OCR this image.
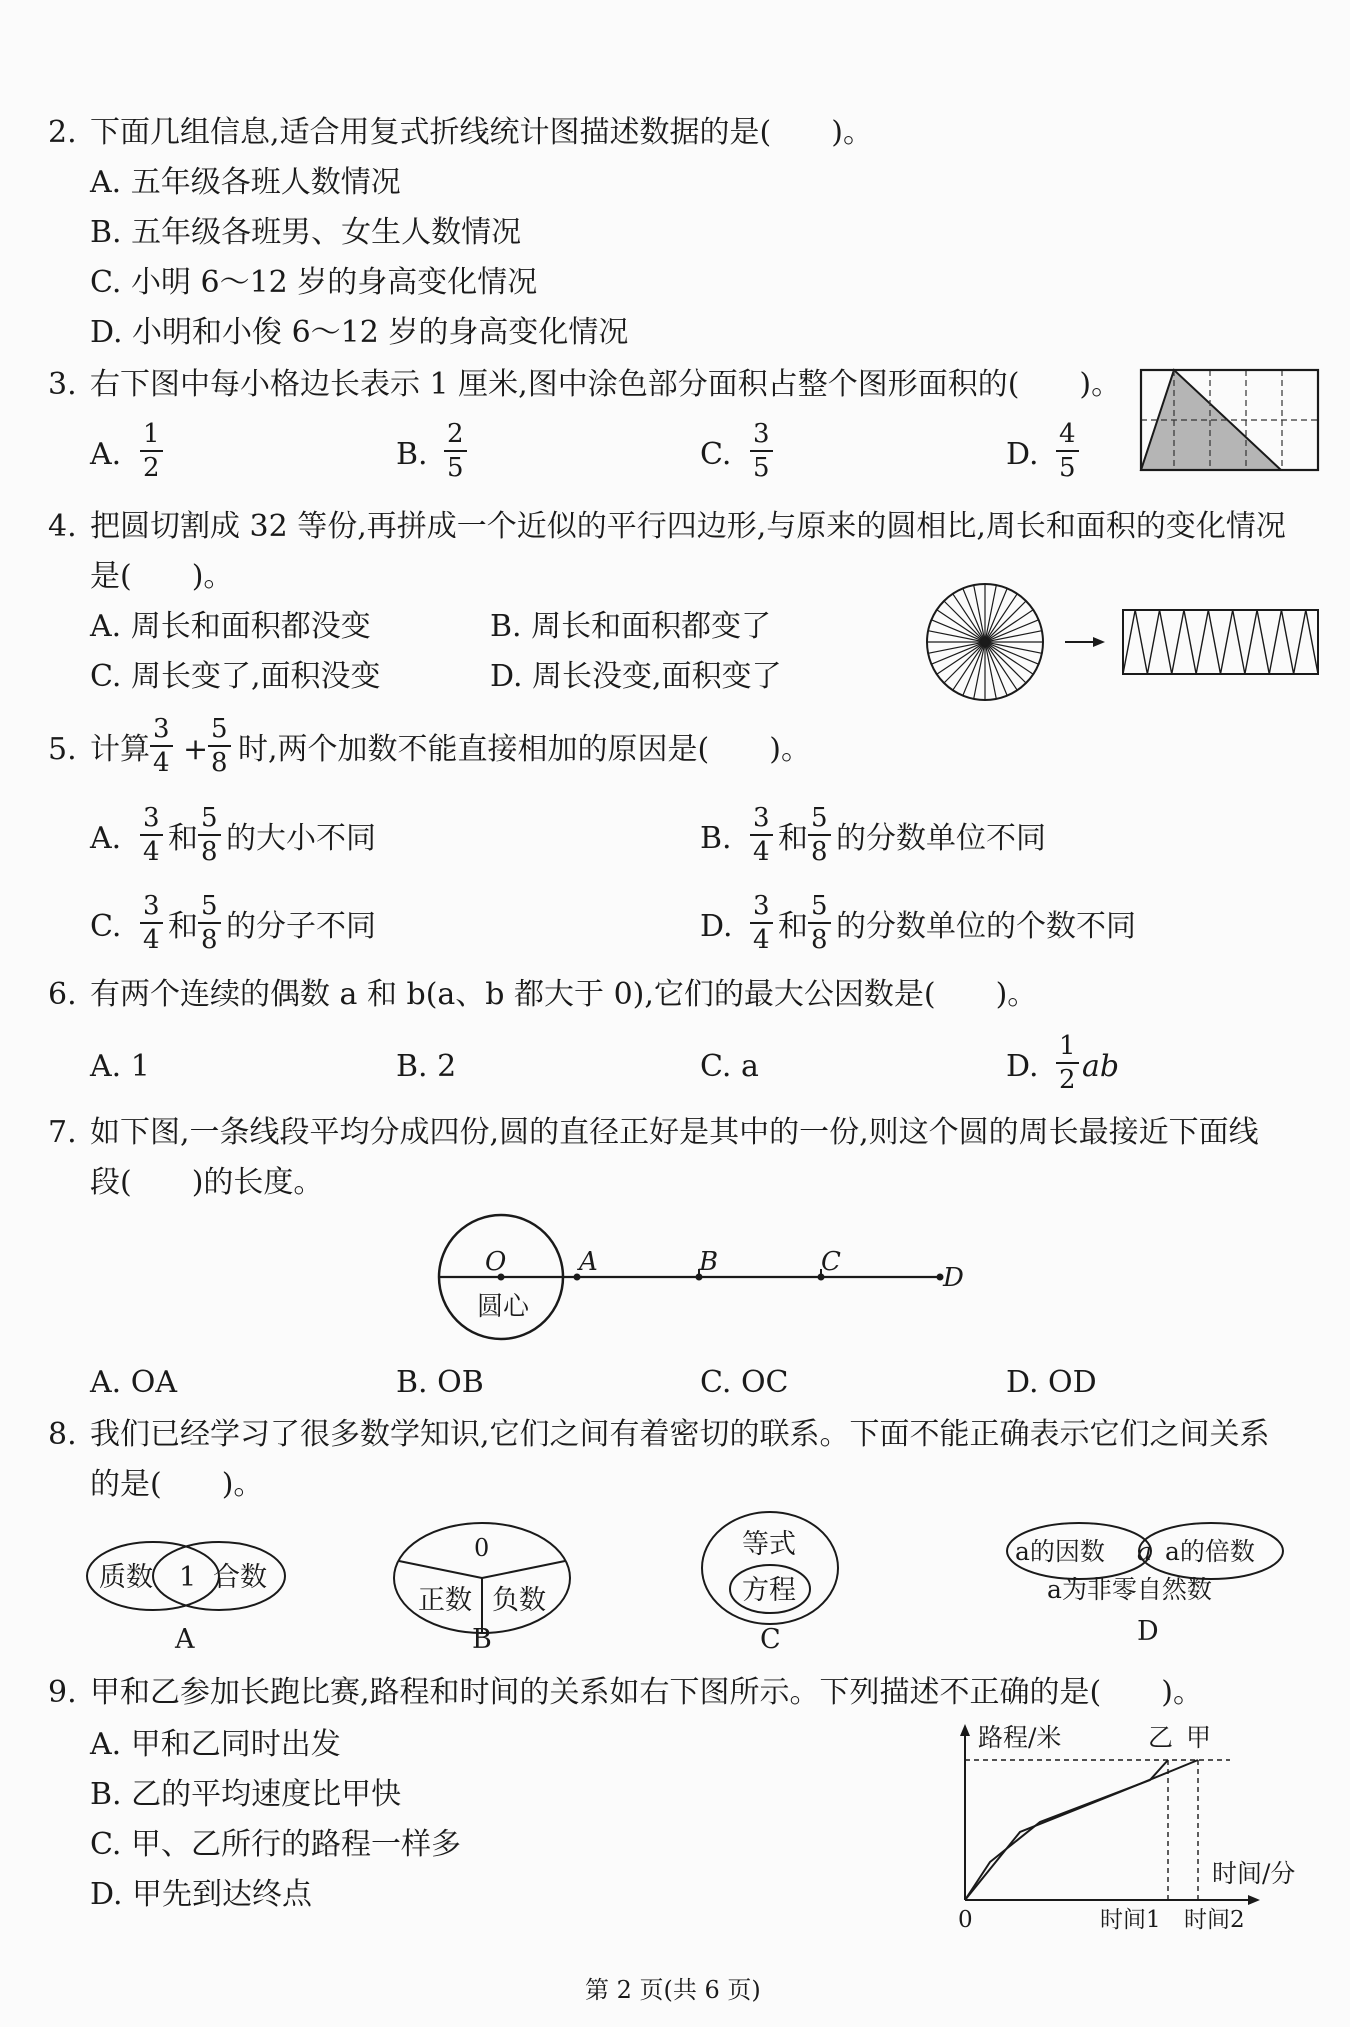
2. 下面几组信息,适合用复式折线统计图描述数据的是(　　)。
A. 五年级各班人数情况
B. 五年级各班男、女生人数情况
C. 小明 6～12 岁的身高变化情况
D. 小明和小俊 6～12 岁的身高变化情况
3. 右下图中每小格边长表示 1 厘米,图中涂色部分面积占整个图形面积的(　　)。
A. $\frac{1}{2}$	B. $\frac{2}{5}$	C. $\frac{3}{5}$	D. $\frac{4}{5}$
4. 把圆切割成 32 等份,再拼成一个近似的平行四边形,与原来的圆相比,周长和面积的变化情况
是(　　)。
A. 周长和面积都没变	B. 周长和面积都变了
C. 周长变了,面积没变	D. 周长没变,面积变了
5. 计算 $\frac{3}{4} + \frac{5}{8}$ 时,两个加数不能直接相加的原因是(　　)。
A. $\frac{3}{4}$ 和 $\frac{5}{8}$ 的大小不同	B. $\frac{3}{4}$ 和 $\frac{5}{8}$ 的分数单位不同
C. $\frac{3}{4}$ 和 $\frac{5}{8}$ 的分子不同	D. $\frac{3}{4}$ 和 $\frac{5}{8}$ 的分数单位的个数不同
6. 有两个连续的偶数 a 和 b(a、b 都大于 0),它们的最大公因数是(　　)。
A. 1	B. 2	C. a	D. $\frac{1}{2}$ ab
7. 如下图,一条线段平均分成四份,圆的直径正好是其中的一份,则这个圆的周长最接近下面线
段(　　)的长度。
O	A	B	C
D
圆心
A. OA	B. OB	C. OC	D. OD
8. 我们已经学习了很多数学知识,它们之间有着密切的联系。下面不能正确表示它们之间关系
的是(　　)。
质数 1 合数
A
0
正数 负数
B
等式
方程
C
a的因数 a a的倍数
a为非零自然数
D
9. 甲和乙参加长跑比赛,路程和时间的关系如右下图所示。下列描述不正确的是(　　)。
A. 甲和乙同时出发
B. 乙的平均速度比甲快
C. 甲、乙所行的路程一样多
D. 甲先到达终点
路程/米
时间/分
0	时间1 时间2
乙 甲
第 2 页(共 6 页)
